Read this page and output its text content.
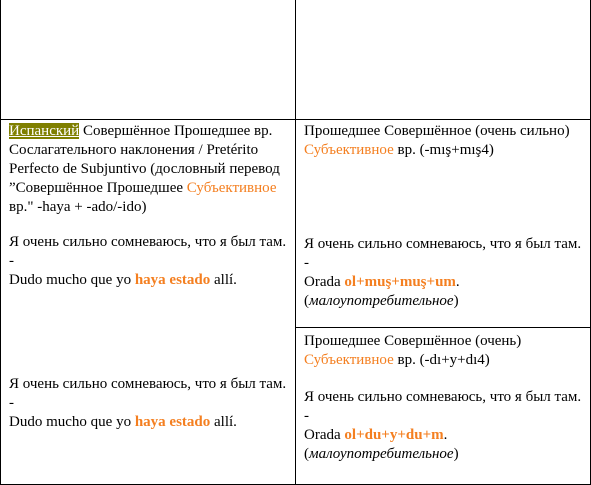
Испанский Совершённое Прошедшее вр. Сослагательного наклонения / Pretérito Perfecto de Subjuntivo (дословный перевод ”Совершённое Прошедшее Субъективное вр." -haya + -ado/-ido)
Я очень сильно сомневаюсь, что я был там. -
Dudo mucho que yo haya estado allí.
Я очень сильно сомневаюсь, что я был там. -
Dudo mucho que yo haya estado allí.
Прошедшее Совершённое (очень сильно)
Субъективное вр. (-mış+mış4)
Я очень сильно сомневаюсь, что я был там. -
Orada ol+muş+muş+um.
(малоупотребительное)
Прошедшее Совершённое (очень)
Субъективное вр. (-dı+y+dı4)
Я очень сильно сомневаюсь, что я был там. -
Orada ol+du+y+du+m.
(малоупотребительное)
